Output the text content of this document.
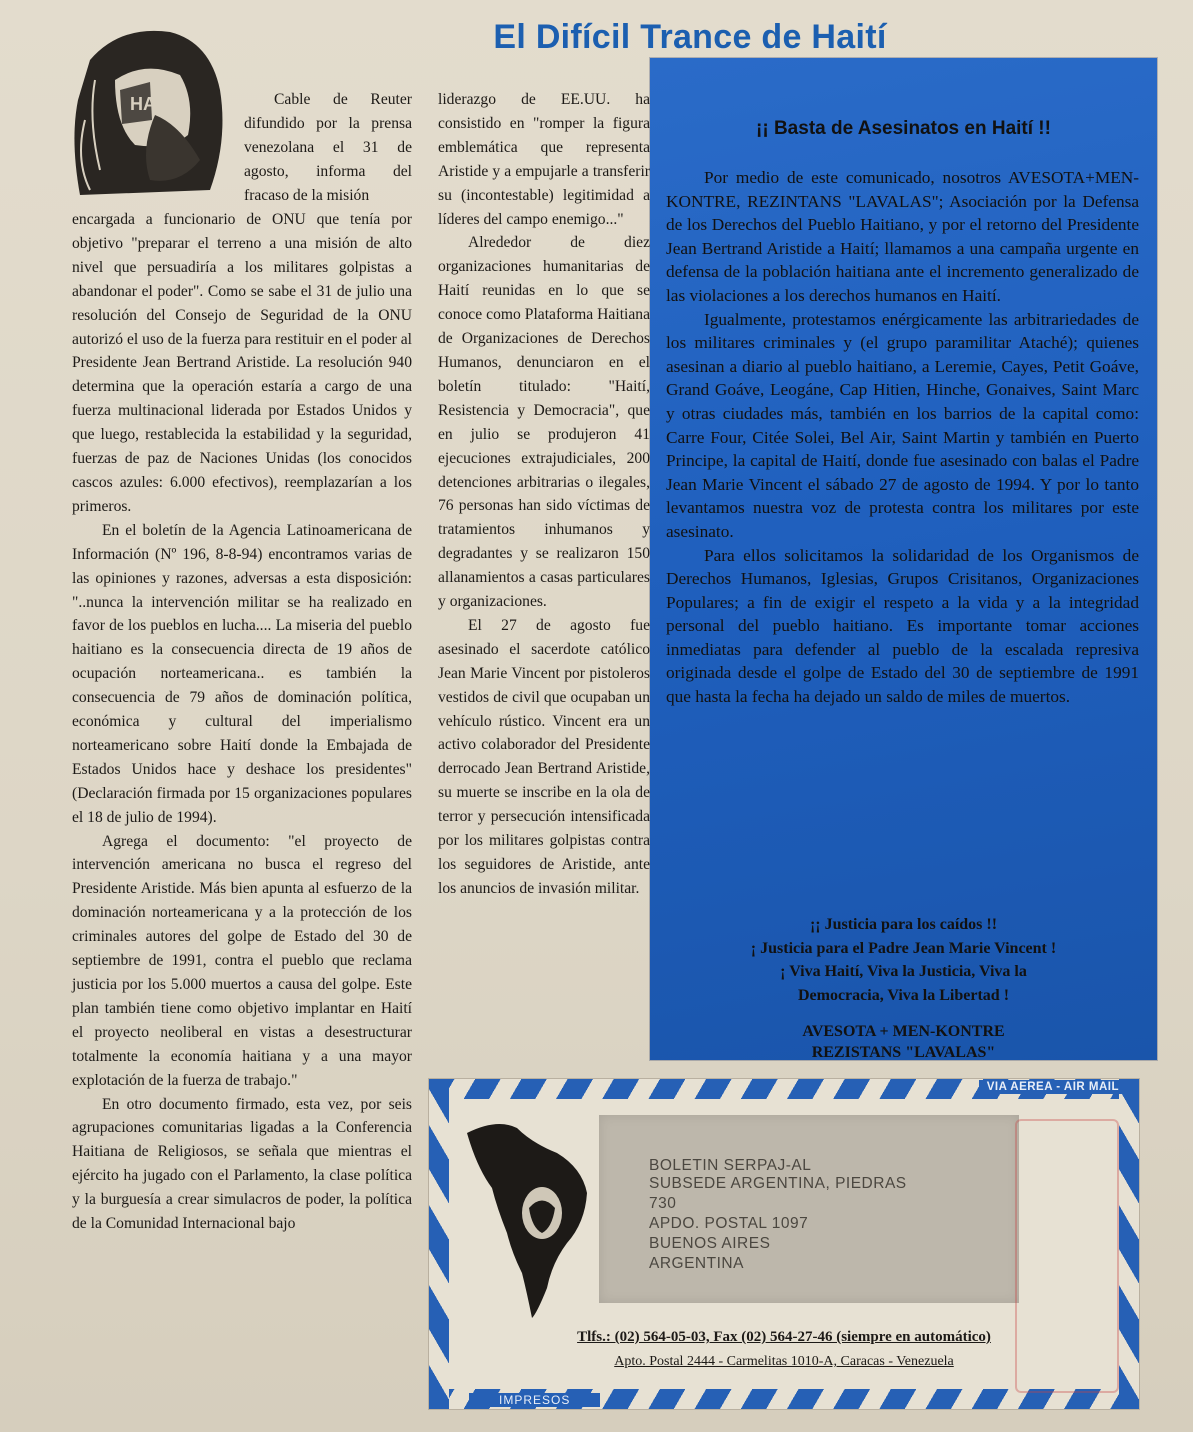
El Difícil Trance de Haití
HAITI	Cable de Reuter difundido por la prensa venezolana el 31 de agosto, informa del fracaso de la misión

encargada a funcionario de ONU que tenía por objetivo "preparar el terreno a una misión de alto nivel que persuadiría a los militares golpistas a abandonar el poder". Como se sabe el 31 de julio una resolución del Consejo de Seguridad de la ONU autorizó el uso de la fuerza para restituir en el poder al Presidente Jean Bertrand Aristide. La resolución 940 determina que la operación estaría a cargo de una fuerza multinacional liderada por Estados Unidos y que luego, restablecida la estabilidad y la seguridad, fuerzas de paz de Naciones Unidas (los conocidos cascos azules: 6.000 efectivos), reemplazarían a los primeros.

En el boletín de la Agencia Latinoamericana de Información (Nº 196, 8-8-94) encontramos varias de las opiniones y razones, adversas a esta disposición: "..nunca la intervención militar se ha realizado en favor de los pueblos en lucha.... La miseria del pueblo haitiano es la consecuencia directa de 19 años de ocupación norteamericana.. es también la consecuencia de 79 años de dominación política, económica y cultural del imperialismo norteamericano sobre Haití donde la Embajada de Estados Unidos hace y deshace los presidentes" (Declaración firmada por 15 organizaciones populares el 18 de julio de 1994).

Agrega el documento: "el proyecto de intervención americana no busca el regreso del Presidente Aristide. Más bien apunta al esfuerzo de la dominación norteamericana y a la protección de los criminales autores del golpe de Estado del 30 de septiembre de 1991, contra el pueblo que reclama justicia por los 5.000 muertos a causa del golpe. Este plan también tiene como objetivo implantar en Haití el proyecto neoliberal en vistas a desestructurar totalmente la economía haitiana y a una mayor explotación de la fuerza de trabajo."

En otro documento firmado, esta vez, por seis agrupaciones comunitarias ligadas a la Conferencia Haitiana de Religiosos, se señala que mientras el ejército ha jugado con el Parlamento, la clase política y la burguesía a crear simulacros de poder, la política de la Comunidad Internacional bajo

liderazgo de EE.UU. ha consistido en "romper la figura emblemática que representa Aristide y a empujarle a transferir su (incontestable) legitimidad a líderes del campo enemigo..."

Alrededor de diez organizaciones humanitarias de Haití reunidas en lo que se conoce como Plataforma Haitiana de Organizaciones de Derechos Humanos, denunciaron en el boletín titulado: "Haití, Resistencia y Democracia", que en julio se produjeron 41 ejecuciones extrajudiciales, 200 detenciones arbitrarias o ilegales, 76 personas han sido víctimas de tratamientos inhumanos y degradantes y se realizaron 150 allanamientos a casas particulares y organizaciones.

El 27 de agosto fue asesinado el sacerdote católico Jean Marie Vincent por pistoleros vestidos de civil que ocupaban un vehículo rústico. Vincent era un activo colaborador del Presidente derrocado Jean Bertrand Aristide, su muerte se inscribe en la ola de terror y persecución intensificada por los militares golpistas contra los seguidores de Aristide, ante los anuncios de invasión militar.

¡¡ Basta de Asesinatos en Haití !!

Por medio de este comunicado, nosotros AVESOTA+MEN-KONTRE, REZINTANS "LAVALAS"; Asociación por la Defensa de los Derechos del Pueblo Haitiano, y por el retorno del Presidente Jean Bertrand Aristide a Haití; llamamos a una campaña urgente en defensa de la población haitiana ante el incremento generalizado de las violaciones a los derechos humanos en Haití.

Igualmente, protestamos enérgicamente las arbitrariedades de los militares criminales y (el grupo paramilitar Ataché); quienes asesinan a diario al pueblo haitiano, a Leremie, Cayes, Petit Goáve, Grand Goáve, Leogáne, Cap Hitien, Hinche, Gonaives, Saint Marc y otras ciudades más, también en los barrios de la capital como: Carre Four, Citée Solei, Bel Air, Saint Martin y también en Puerto Principe, la capital de Haití, donde fue asesinado con balas el Padre Jean Marie Vincent el sábado 27 de agosto de 1994. Y por lo tanto levantamos nuestra voz de protesta contra los militares por este asesinato.

Para ellos solicitamos la solidaridad de los Organismos de Derechos Humanos, Iglesias, Grupos Crisitanos, Organizaciones Populares; a fin de exigir el respeto a la vida y a la integridad personal del pueblo haitiano. Es importante tomar acciones inmediatas para defender al pueblo de la escalada represiva originada desde el golpe de Estado del 30 de septiembre de 1991 que hasta la fecha ha dejado un saldo de miles de muertos.

¡¡ Justicia para los caídos !!
¡ Justicia para el Padre Jean Marie Vincent !
¡ Viva Haití, Viva la Justicia, Viva la
Democracia, Viva la Libertad !
AVESOTA + MEN-KONTRE
REZISTANS "LAVALAS"
VIA AEREA - AIR MAIL
IMPRESOS
BOLETIN SERPAJ-AL
SUBSEDE ARGENTINA, PIEDRAS
730
APDO. POSTAL 1097
BUENOS AIRES
ARGENTINA
Tlfs.: (02) 564-05-03, Fax (02) 564-27-46 (siempre en automático)
Apto. Postal 2444 - Carmelitas 1010-A, Caracas - Venezuela
